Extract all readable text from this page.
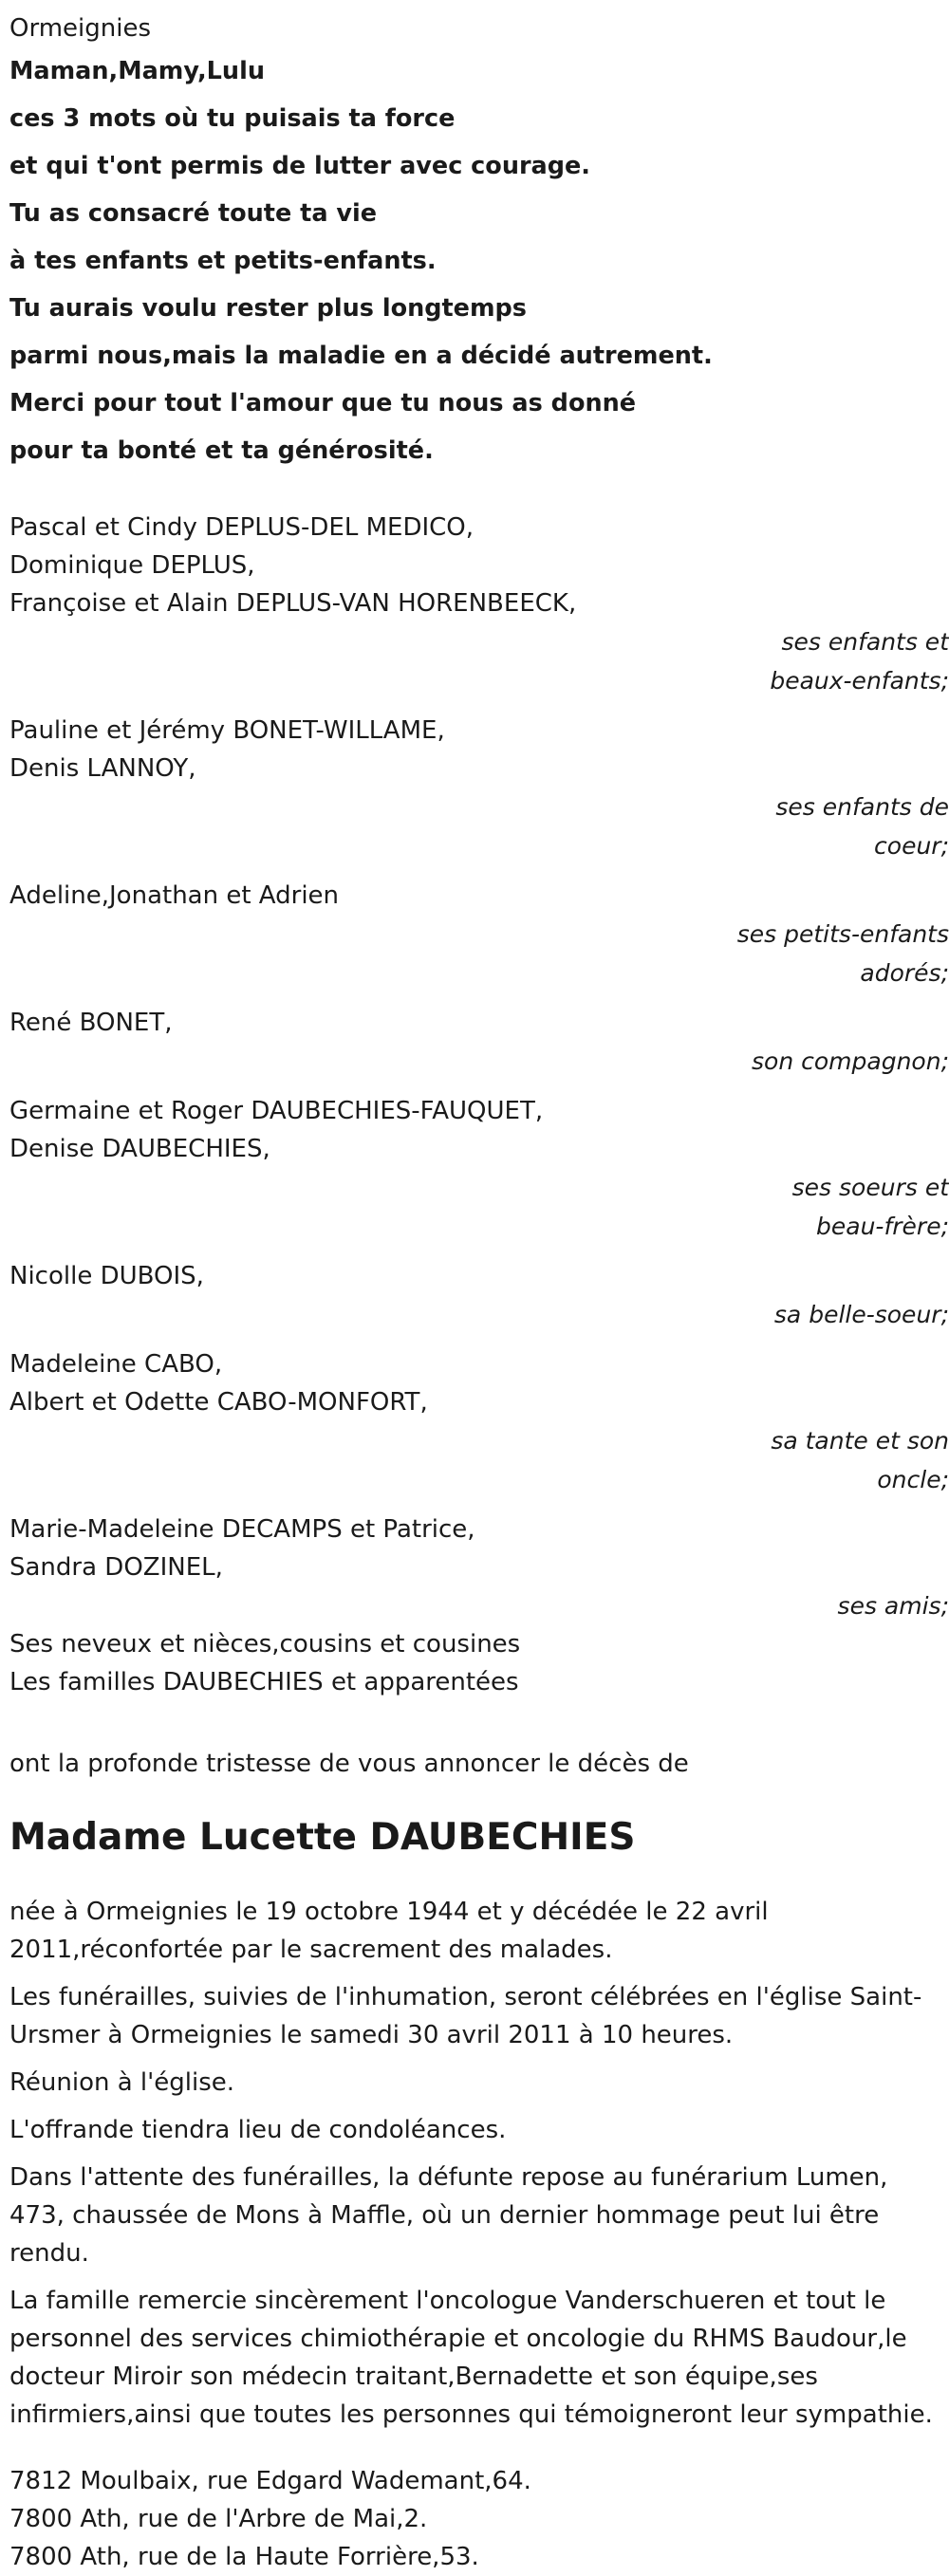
Ormeignies

Maman,Mamy,Lulu

ces 3 mots où tu puisais ta force

et qui t'ont permis de lutter avec courage.

Tu as consacré toute ta vie

à tes enfants et petits-enfants.

Tu aurais voulu rester plus longtemps

parmi nous,mais la maladie en a décidé autrement.

Merci pour tout l'amour que tu nous as donné

pour ta bonté et ta générosité.

Pascal et Cindy DEPLUS-DEL MEDICO,

Dominique DEPLUS,

Françoise et Alain DEPLUS-VAN HORENBEECK,

ses enfants et
beaux-enfants;

Pauline et Jérémy BONET-WILLAME,

Denis LANNOY,

ses enfants de
coeur;

Adeline,Jonathan et Adrien

ses petits-enfants
adorés;

René BONET,

son compagnon;

Germaine et Roger DAUBECHIES-FAUQUET,

Denise DAUBECHIES,

ses soeurs et
beau-frère;

Nicolle DUBOIS,

sa belle-soeur;

Madeleine CABO,

Albert et Odette CABO-MONFORT,

sa tante et son
oncle;

Marie-Madeleine DECAMPS et Patrice,

Sandra DOZINEL,

ses amis;

Ses neveux et nièces,cousins et cousines

Les familles DAUBECHIES et apparentées

ont la profonde tristesse de vous annoncer le décès de

Madame Lucette DAUBECHIES

née à Ormeignies le 19 octobre 1944 et y décédée le 22 avril 2011,réconfortée par le sacrement des malades.

Les funérailles, suivies de l'inhumation, seront célébrées en l'église Saint-Ursmer à Ormeignies le samedi 30 avril 2011 à 10 heures.

Réunion à l'église.

L'offrande tiendra lieu de condoléances.

Dans l'attente des funérailles, la défunte repose au funérarium Lumen, 473, chaussée de Mons à Maffle, où un dernier hommage peut lui être rendu.

La famille remercie sincèrement l'oncologue Vanderschueren et tout le personnel des services chimiothérapie et oncologie du RHMS Baudour,le docteur Miroir son médecin traitant,Bernadette et son équipe,ses infirmiers,ainsi que toutes les personnes qui témoigneront leur sympathie.

7812 Moulbaix, rue Edgard Wademant,64.

7800 Ath, rue de l'Arbre de Mai,2.

7800 Ath, rue de la Haute Forrière,53.
